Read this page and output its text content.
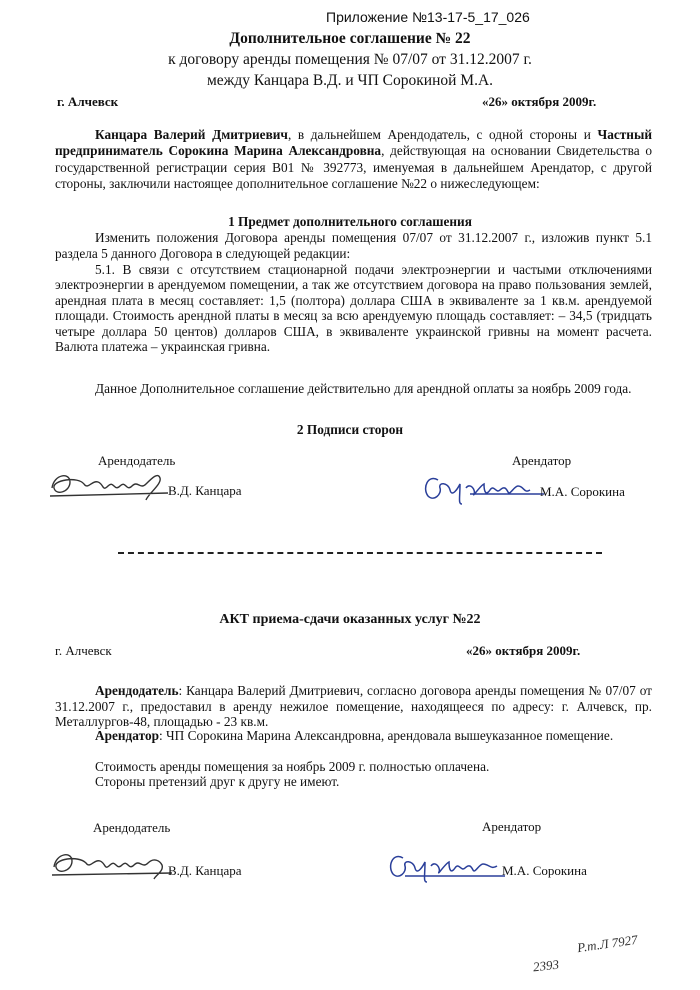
Приложение №13-17-5_17_026
Дополнительное соглашение № 22
к договору аренды помещения № 07/07 от 31.12.2007 г.
между Канцара В.Д. и ЧП Сорокиной М.А.
г. Алчевск	«26» октября 2009г.
Канцара Валерий Дмитриевич, в дальнейшем Арендодатель, с одной стороны и Частный предприниматель Сорокина Марина Александровна, действующая на основании Свидетельства о государственной регистрации серия В01 № 392773, именуемая в дальнейшем Арендатор, с другой стороны, заключили настоящее дополнительное соглашение №22 о нижеследующем:
1 Предмет дополнительного соглашения
Изменить положения Договора аренды помещения 07/07 от 31.12.2007 г., изложив пункт 5.1 раздела 5 данного Договора в следующей редакции:
5.1. В связи с отсутствием стационарной подачи электроэнергии и частыми отключениями электроэнергии в арендуемом помещении, а так же отсутствием договора на право пользования землей, арендная плата в месяц составляет: 1,5 (полтора) доллара США в эквиваленте за 1 кв.м. арендуемой площади. Стоимость арендной платы в месяц за всю арендуемую площадь составляет: – 34,5 (тридцать четыре доллара 50 центов) долларов США, в эквиваленте украинской гривны на момент расчета. Валюта платежа – украинская гривна.
Данное Дополнительное соглашение действительно для арендной оплаты за ноябрь 2009 года.
2 Подписи сторон
Арендодатель	Арендатор
В.Д. Канцара	М.А. Сорокина
АКТ приема-сдачи оказанных услуг №22
г. Алчевск	«26» октября 2009г.
Арендодатель: Канцара Валерий Дмитриевич, согласно договора аренды помещения № 07/07 от 31.12.2007 г., предоставил в аренду нежилое помещение, находящееся по адресу: г. Алчевск, пр. Металлургов-48, площадью - 23 кв.м.
Арендатор: ЧП Сорокина Марина Александровна, арендовала вышеуказанное помещение.
Стоимость аренды помещения за ноябрь 2009 г. полностью оплачена.
Стороны претензий друг к другу не имеют.
Арендодатель	Арендатор
В.Д. Канцара	М.А. Сорокина
Р.т.Л 7927
2393
